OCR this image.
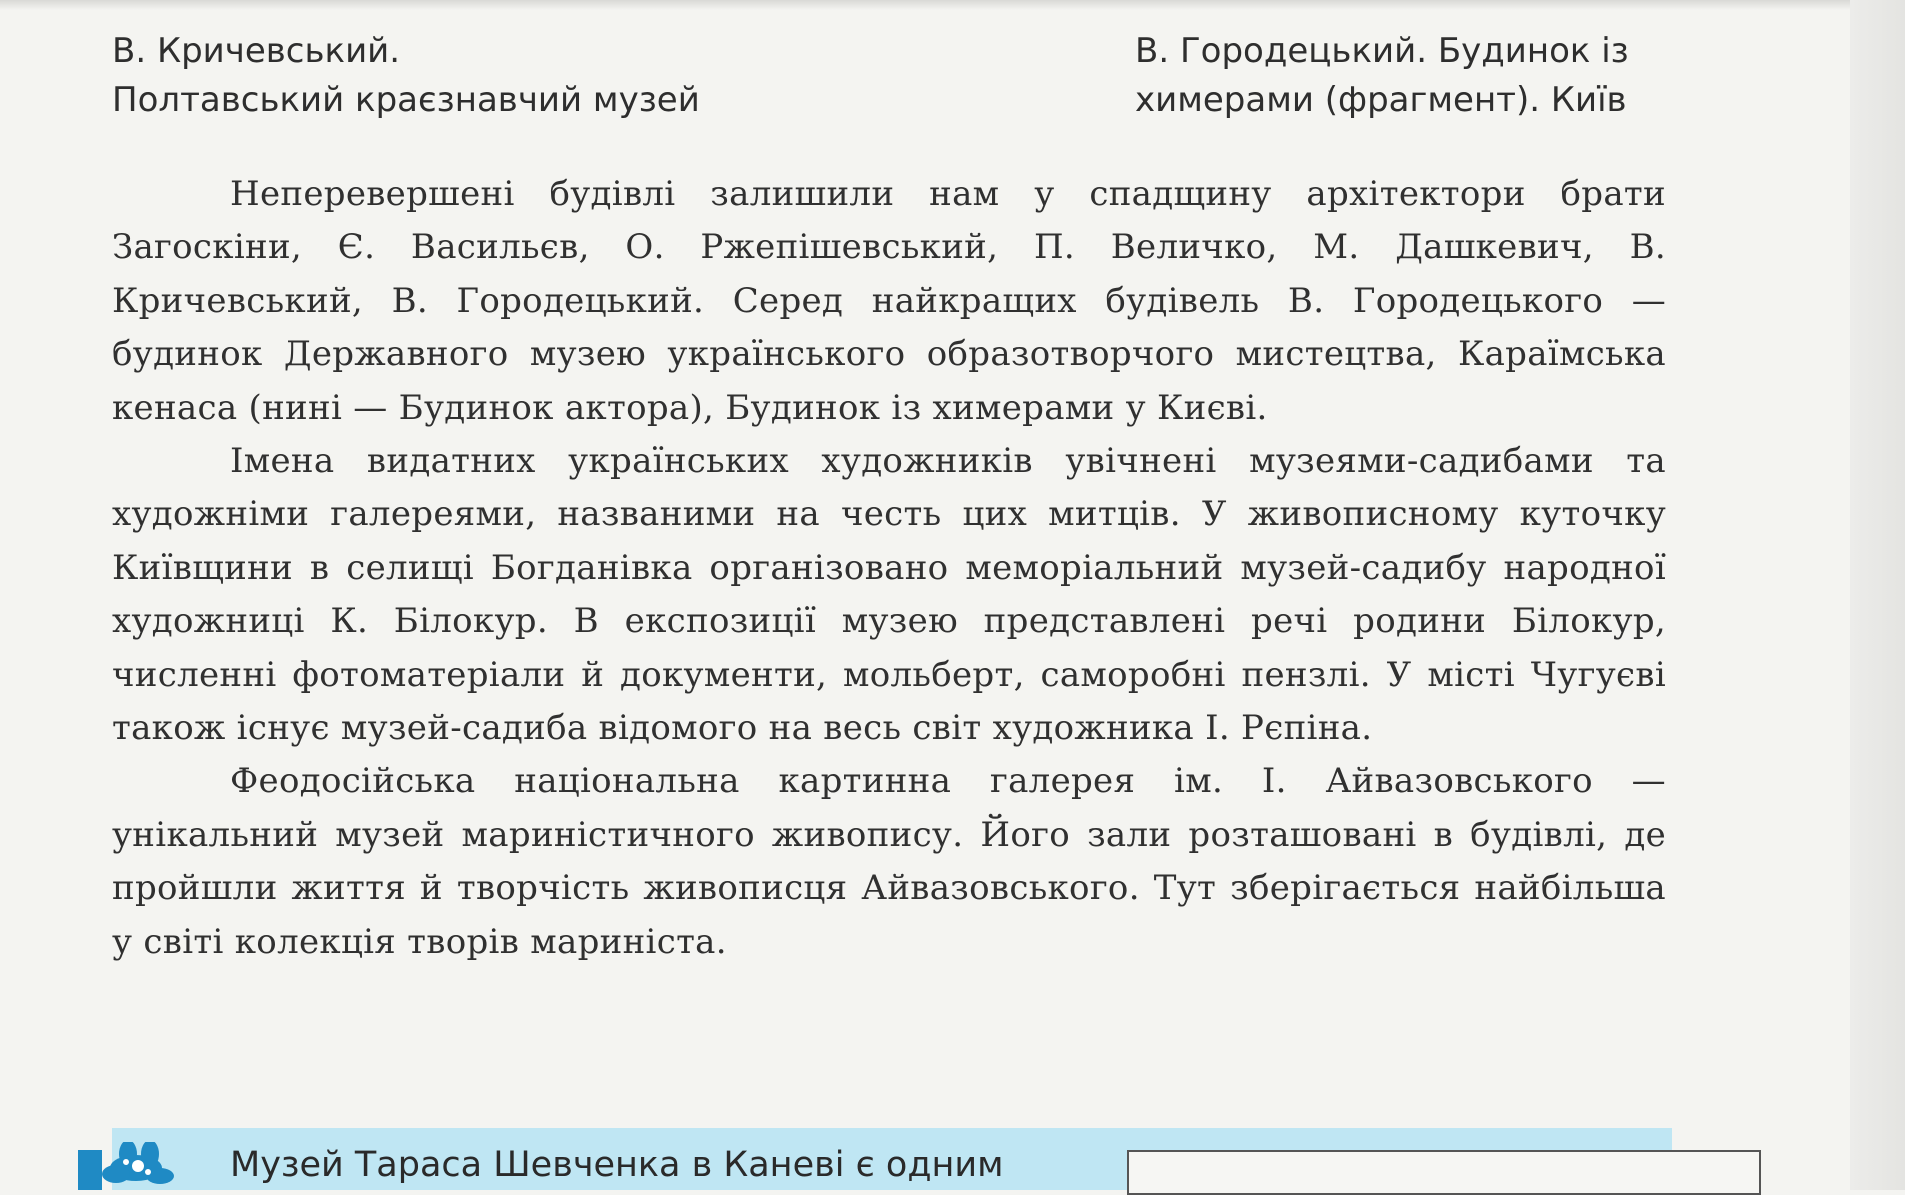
В. Кричевський.
Полтавський краєзнавчий музей
В. Городецький. Будинок із
химерами (фрагмент). Київ

Неперевершені будівлі залишили нам у спадщину архітектори брати Загоскіни, Є. Васильєв, О. Ржепішевський, П. Величко, М. Дашкевич, В. Кричевський, В. Городецький. Серед найкращих будівель В. Городецького — будинок Державного музею українського образотворчого мистецтва, Караїмська кенаса (нині — Будинок актора), Будинок із химерами у Києві.

Імена видатних українських художників увічнені музеями-садибами та художніми галереями, названими на честь цих митців. У живописному куточку Київщини в селищі Богданівка організовано меморіальний музей-садибу народної художниці К. Білокур. В експозиції музею представлені речі родини Білокур, численні фотоматеріали й документи, мольберт, саморобні пензлі. У місті Чугуєві також існує музей-садиба відомого на весь світ художника І. Рєпіна.

Феодосійська національна картинна галерея ім. І. Айвазовського — унікальний музей мариністичного живопису. Його зали розташовані в будівлі, де пройшли життя й творчість живописця Айвазовського. Тут зберігається найбільша у світі колекція творів мариніста.

Музей Тараса Шевченка в Каневі є одним
